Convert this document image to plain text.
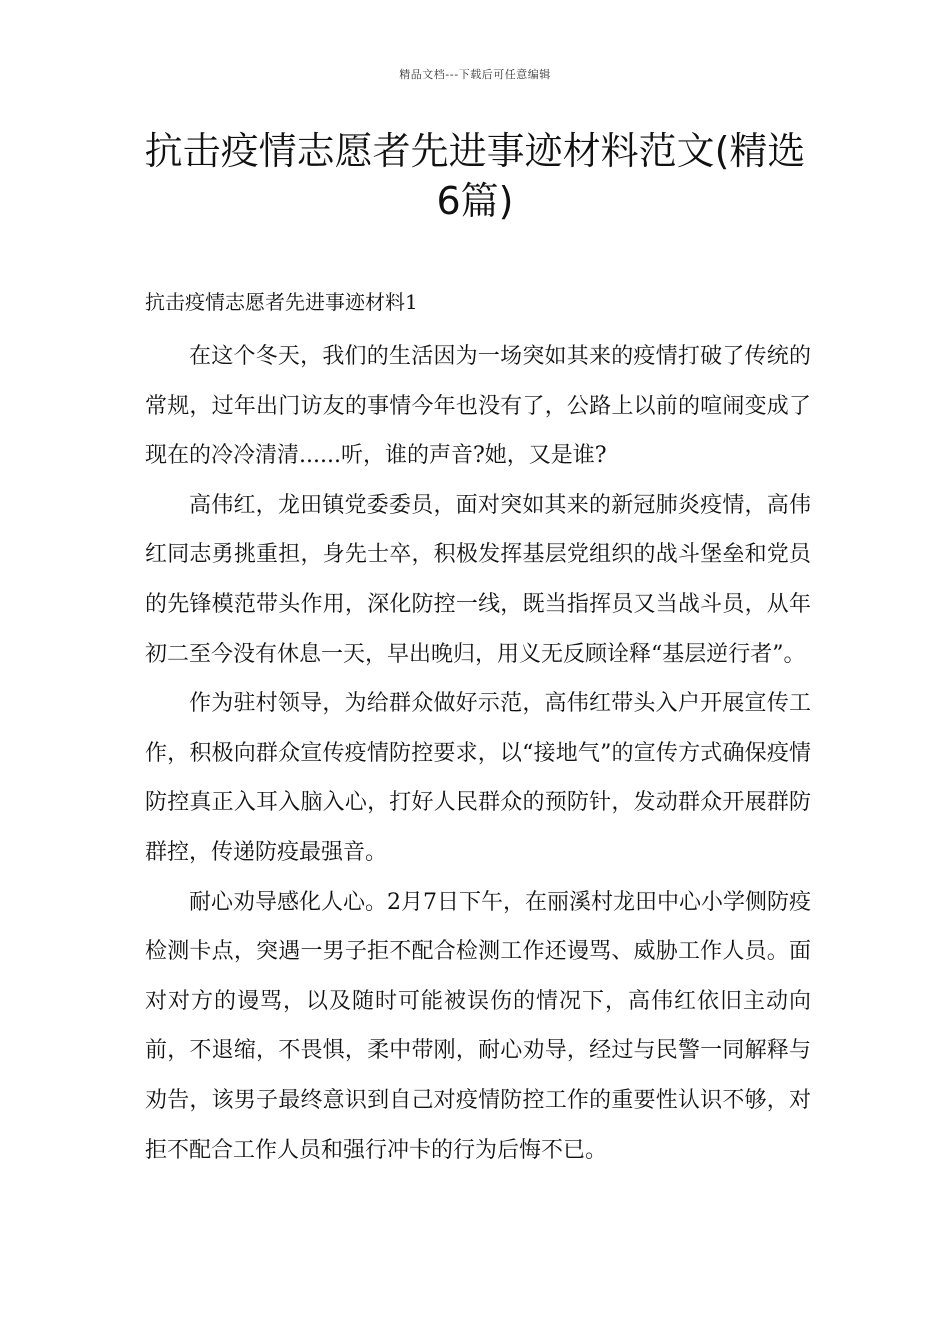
精品文档---下载后可任意编辑
抗击疫情志愿者先进事迹材料范文(精选6篇)
抗击疫情志愿者先进事迹材料1

在这个冬天，我们的生活因为一场突如其来的疫情打破了传统的常规，过年出门访友的事情今年也没有了，公路上以前的喧闹变成了现在的冷冷清清......听，谁的声音?她，又是谁?

高伟红，龙田镇党委委员，面对突如其来的新冠肺炎疫情，高伟红同志勇挑重担，身先士卒，积极发挥基层党组织的战斗堡垒和党员的先锋模范带头作用，深化防控一线，既当指挥员又当战斗员，从年初二至今没有休息一天，早出晚归，用义无反顾诠释“基层逆行者”。

作为驻村领导，为给群众做好示范，高伟红带头入户开展宣传工作，积极向群众宣传疫情防控要求，以“接地气”的宣传方式确保疫情防控真正入耳入脑入心，打好人民群众的预防针，发动群众开展群防群控，传递防疫最强音。

耐心劝导感化人心。2月7日下午，在丽溪村龙田中心小学侧防疫检测卡点，突遇一男子拒不配合检测工作还谩骂、威胁工作人员。面对对方的谩骂，以及随时可能被误伤的情况下，高伟红依旧主动向前，不退缩，不畏惧，柔中带刚，耐心劝导，经过与民警一同解释与劝告，该男子最终意识到自己对疫情防控工作的重要性认识不够，对拒不配合工作人员和强行冲卡的行为后悔不已。
